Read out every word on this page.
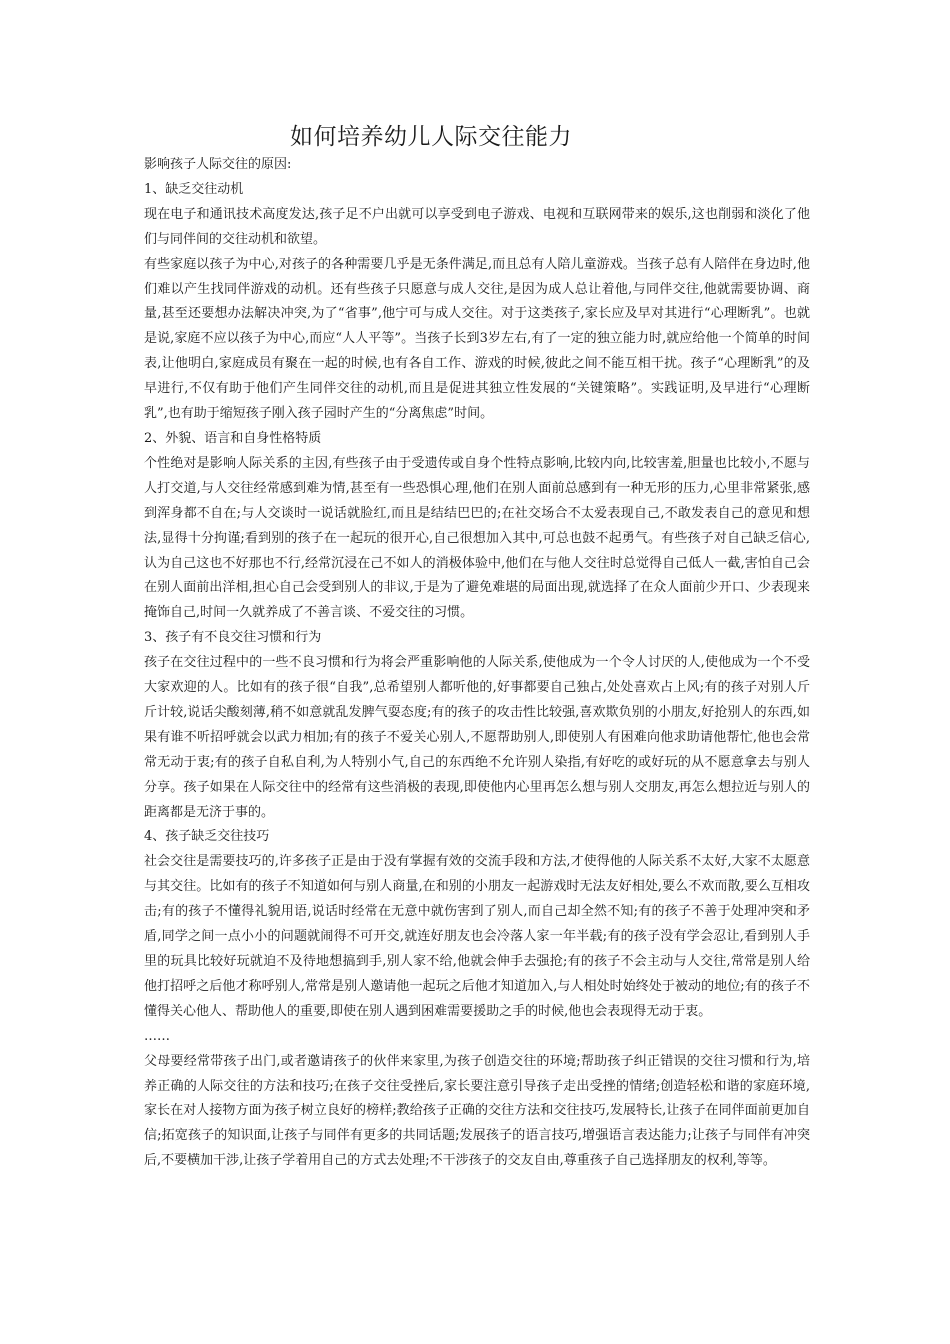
如何培养幼儿人际交往能力

影响孩子人际交往的原因:

1、缺乏交往动机

现在电子和通讯技术高度发达,孩子足不户出就可以享受到电子游戏、电视和互联网带来的娱乐,这也削弱和淡化了他们与同伴间的交往动机和欲望。

有些家庭以孩子为中心,对孩子的各种需要几乎是无条件满足,而且总有人陪儿童游戏。当孩子总有人陪伴在身边时,他们难以产生找同伴游戏的动机。还有些孩子只愿意与成人交往,是因为成人总让着他,与同伴交往,他就需要协调、商量,甚至还要想办法解决冲突,为了“省事”,他宁可与成人交往。对于这类孩子,家长应及早对其进行“心理断乳”。也就是说,家庭不应以孩子为中心,而应“人人平等”。当孩子长到3岁左右,有了一定的独立能力时,就应给他一个简单的时间表,让他明白,家庭成员有聚在一起的时候,也有各自工作、游戏的时候,彼此之间不能互相干扰。孩子“心理断乳”的及早进行,不仅有助于他们产生同伴交往的动机,而且是促进其独立性发展的“关键策略”。实践证明,及早进行“心理断乳”,也有助于缩短孩子刚入孩子园时产生的“分离焦虑”时间。

2、外貌、语言和自身性格特质

个性绝对是影响人际关系的主因,有些孩子由于受遗传或自身个性特点影响,比较内向,比较害羞,胆量也比较小,不愿与人打交道,与人交往经常感到难为情,甚至有一些恐惧心理,他们在别人面前总感到有一种无形的压力,心里非常紧张,感到浑身都不自在;与人交谈时一说话就脸红,而且是结结巴巴的;在社交场合不太爱表现自己,不敢发表自己的意见和想法,显得十分拘谨;看到别的孩子在一起玩的很开心,自己很想加入其中,可总也鼓不起勇气。有些孩子对自己缺乏信心,认为自己这也不好那也不行,经常沉浸在己不如人的消极体验中,他们在与他人交往时总觉得自己低人一截,害怕自己会在别人面前出洋相,担心自己会受到别人的非议,于是为了避免难堪的局面出现,就选择了在众人面前少开口、少表现来掩饰自己,时间一久就养成了不善言谈、不爱交往的习惯。

3、孩子有不良交往习惯和行为

孩子在交往过程中的一些不良习惯和行为将会严重影响他的人际关系,使他成为一个令人讨厌的人,使他成为一个不受大家欢迎的人。比如有的孩子很“自我”,总希望别人都听他的,好事都要自己独占,处处喜欢占上风;有的孩子对别人斤斤计较,说话尖酸刻薄,稍不如意就乱发脾气耍态度;有的孩子的攻击性比较强,喜欢欺负别的小朋友,好抢别人的东西,如果有谁不听招呼就会以武力相加;有的孩子不爱关心别人,不愿帮助别人,即使别人有困难向他求助请他帮忙,他也会常常无动于衷;有的孩子自私自利,为人特别小气,自己的东西绝不允许别人染指,有好吃的或好玩的从不愿意拿去与别人分享。孩子如果在人际交往中的经常有这些消极的表现,即使他内心里再怎么想与别人交朋友,再怎么想拉近与别人的距离都是无济于事的。

4、孩子缺乏交往技巧

社会交往是需要技巧的,许多孩子正是由于没有掌握有效的交流手段和方法,才使得他的人际关系不太好,大家不太愿意与其交往。比如有的孩子不知道如何与别人商量,在和别的小朋友一起游戏时无法友好相处,要么不欢而散,要么互相攻击;有的孩子不懂得礼貌用语,说话时经常在无意中就伤害到了别人,而自己却全然不知;有的孩子不善于处理冲突和矛盾,同学之间一点小小的问题就闹得不可开交,就连好朋友也会冷落人家一年半载;有的孩子没有学会忍让,看到别人手里的玩具比较好玩就迫不及待地想搞到手,别人家不给,他就会伸手去强抢;有的孩子不会主动与人交往,常常是别人给他打招呼之后他才称呼别人,常常是别人邀请他一起玩之后他才知道加入,与人相处时始终处于被动的地位;有的孩子不懂得关心他人、帮助他人的重要,即使在别人遇到困难需要援助之手的时候,他也会表现得无动于衷。

……

父母要经常带孩子出门,或者邀请孩子的伙伴来家里,为孩子创造交往的环境;帮助孩子纠正错误的交往习惯和行为,培养正确的人际交往的方法和技巧;在孩子交往受挫后,家长要注意引导孩子走出受挫的情绪;创造轻松和谐的家庭环境,家长在对人接物方面为孩子树立良好的榜样;教给孩子正确的交往方法和交往技巧,发展特长,让孩子在同伴面前更加自信;拓宽孩子的知识面,让孩子与同伴有更多的共同话题;发展孩子的语言技巧,增强语言表达能力;让孩子与同伴有冲突后,不要横加干涉,让孩子学着用自己的方式去处理;不干涉孩子的交友自由,尊重孩子自己选择朋友的权利,等等。
